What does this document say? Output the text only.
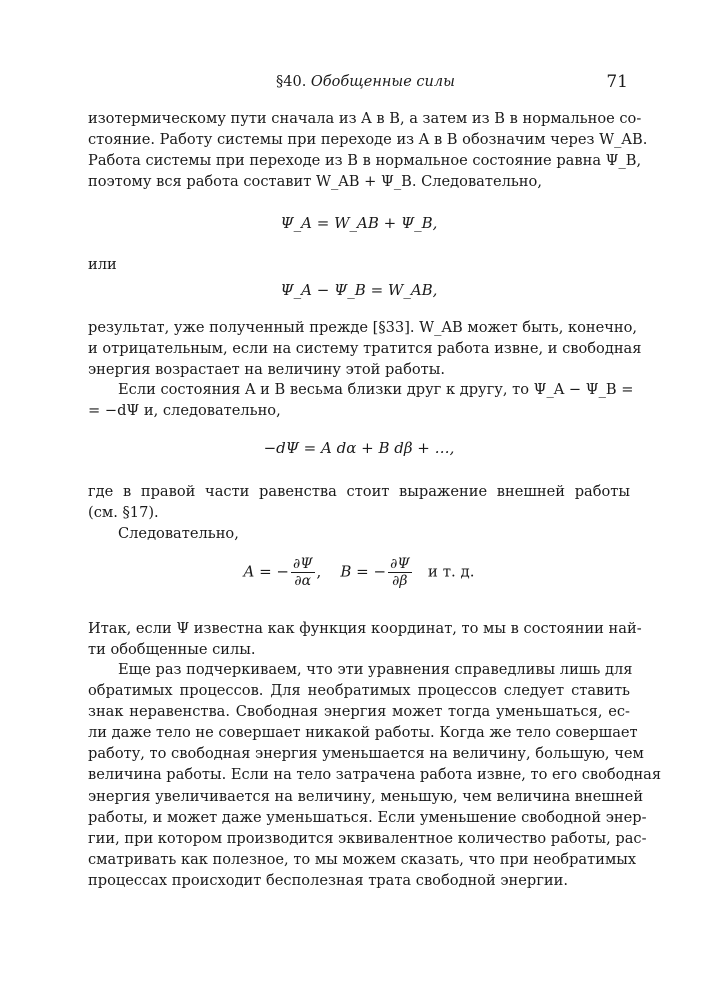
§40. Обобщенные силы	71
изотермическому пути сначала из A в B, а затем из B в нормальное со-
стояние. Работу системы при переходе из A в B обозначим через W_AB.
Работа системы при переходе из B в нормальное состояние равна Ψ_B,
поэтому вся работа составит W_AB + Ψ_B. Следовательно,
Ψ_A = W_AB + Ψ_B,
или
Ψ_A − Ψ_B = W_AB,
результат, уже полученный прежде [§33]. W_AB может быть, конечно,
и отрицательным, если на систему тратится работа извне, и свободная
энергия возрастает на величину этой работы.
Если состояния A и B весьма близки друг к другу, то Ψ_A − Ψ_B =
= −dΨ и, следовательно,
−dΨ = A dα + B dβ + …,
где в правой части равенства стоит выражение внешней работы
(см. §17).
Следовательно,
A = − $\frac{\partial\Psi}{\partial\alpha}$ , B = − $\frac{\partial\Psi}{\partial\beta}$ и т. д.
Итак, если Ψ известна как функция координат, то мы в состоянии най-
ти обобщенные силы.
Еще раз подчеркиваем, что эти уравнения справедливы лишь для
обратимых процессов. Для необратимых процессов следует ставить
знак неравенства. Свободная энергия может тогда уменьшаться, ес-
ли даже тело не совершает никакой работы. Когда же тело совершает
работу, то свободная энергия уменьшается на величину, большую, чем
величина работы. Если на тело затрачена работа извне, то его свободная
энергия увеличивается на величину, меньшую, чем величина внешней
работы, и может даже уменьшаться. Если уменьшение свободной энер-
гии, при котором производится эквивалентное количество работы, рас-
сматривать как полезное, то мы можем сказать, что при необратимых
процессах происходит бесполезная трата свободной энергии.
